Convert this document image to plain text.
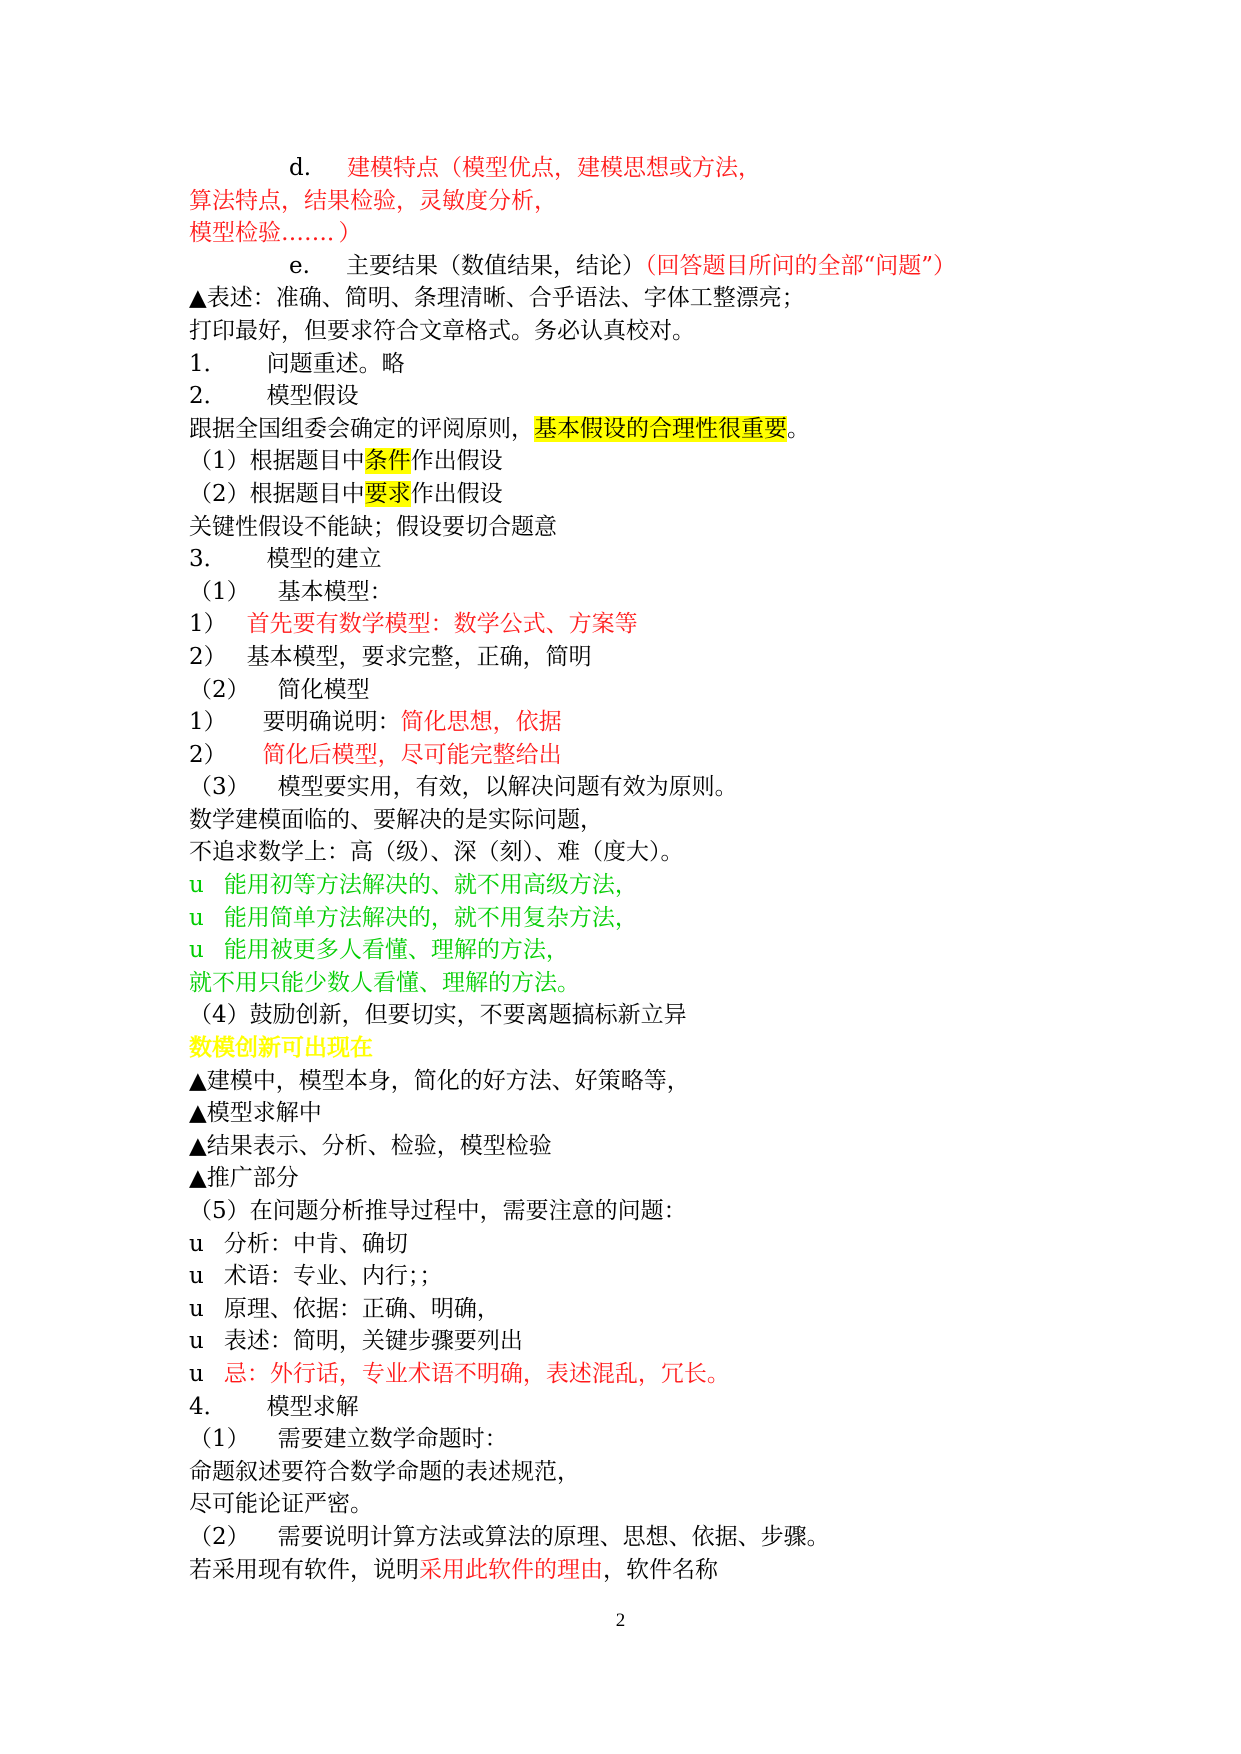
d. 建模特点（模型优点，建模思想或方法，
算法特点，结果检验，灵敏度分析，
模型检验……．）
e. 主要结果（数值结果，结论）（回答题目所问的全部“问题”）
▲表述：准确、简明、条理清晰、合乎语法、字体工整漂亮；
打印最好，但要求符合文章格式。务必认真校对。
1． 问题重述。略
2． 模型假设
跟据全国组委会确定的评阅原则，基本假设的合理性很重要。
（1）根据题目中条件作出假设
（2）根据题目中要求作出假设
关键性假设不能缺；假设要切合题意
3． 模型的建立
（1） 基本模型：
1） 首先要有数学模型：数学公式、方案等
2） 基本模型，要求完整，正确，简明
（2） 简化模型
1） 要明确说明：简化思想，依据
2） 简化后模型，尽可能完整给出
（3） 模型要实用，有效，以解决问题有效为原则。
数学建模面临的、要解决的是实际问题，
不追求数学上：高（级）、深（刻）、难（度大）。
u 能用初等方法解决的、就不用高级方法，
u 能用简单方法解决的，就不用复杂方法，
u 能用被更多人看懂、理解的方法，
就不用只能少数人看懂、理解的方法。
（4）鼓励创新，但要切实，不要离题搞标新立异
数模创新可出现在
▲建模中，模型本身，简化的好方法、好策略等，
▲模型求解中
▲结果表示、分析、检验，模型检验
▲推广部分
（5）在问题分析推导过程中，需要注意的问题：
u 分析：中肯、确切
u 术语：专业、内行；；
u 原理、依据：正确、明确，
u 表述：简明，关键步骤要列出
u 忌：外行话，专业术语不明确，表述混乱，冗长。
4． 模型求解
（1） 需要建立数学命题时：
命题叙述要符合数学命题的表述规范，
尽可能论证严密。
（2） 需要说明计算方法或算法的原理、思想、依据、步骤。
若采用现有软件，说明采用此软件的理由，软件名称
2
